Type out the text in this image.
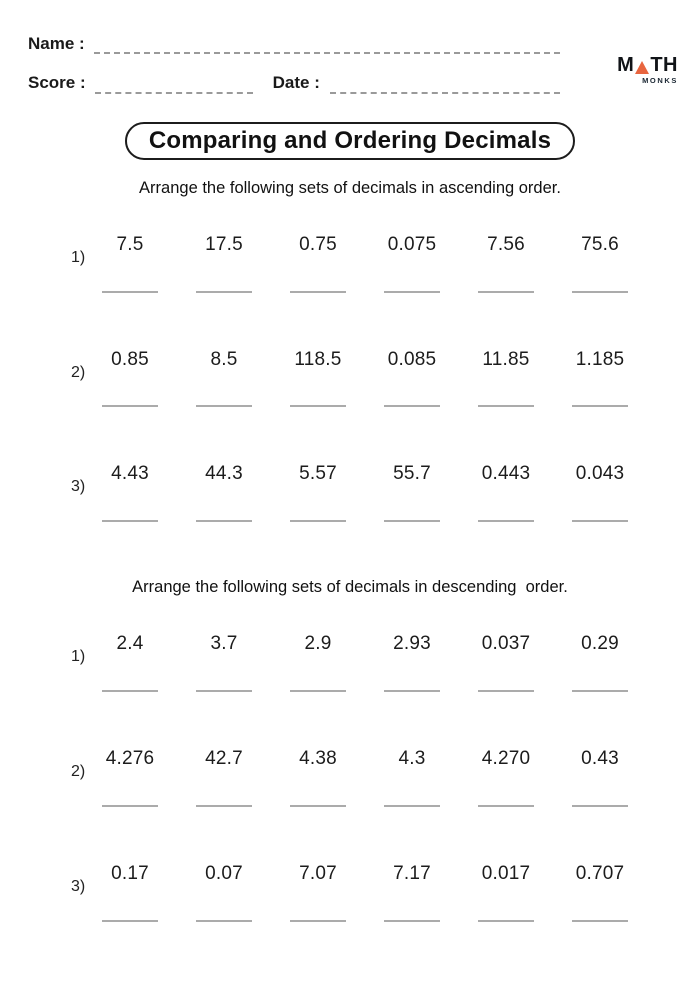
Name :
Score :	Date :
M TH
MONKS
Comparing and Ordering Decimals
Arrange the following sets of decimals in ascending order.
1)
7.5	17.5	0.75	0.075	7.56	75.6
2)
0.85	8.5	118.5	0.085	11.85	1.185
3)
4.43	44.3	5.57	55.7	0.443	0.043
Arrange the following sets of decimals in descending  order.
1)
2.4	3.7	2.9	2.93	0.037	0.29
2)
4.276	42.7	4.38	4.3	4.270	0.43
3)
0.17	0.07	7.07	7.17	0.017	0.707
